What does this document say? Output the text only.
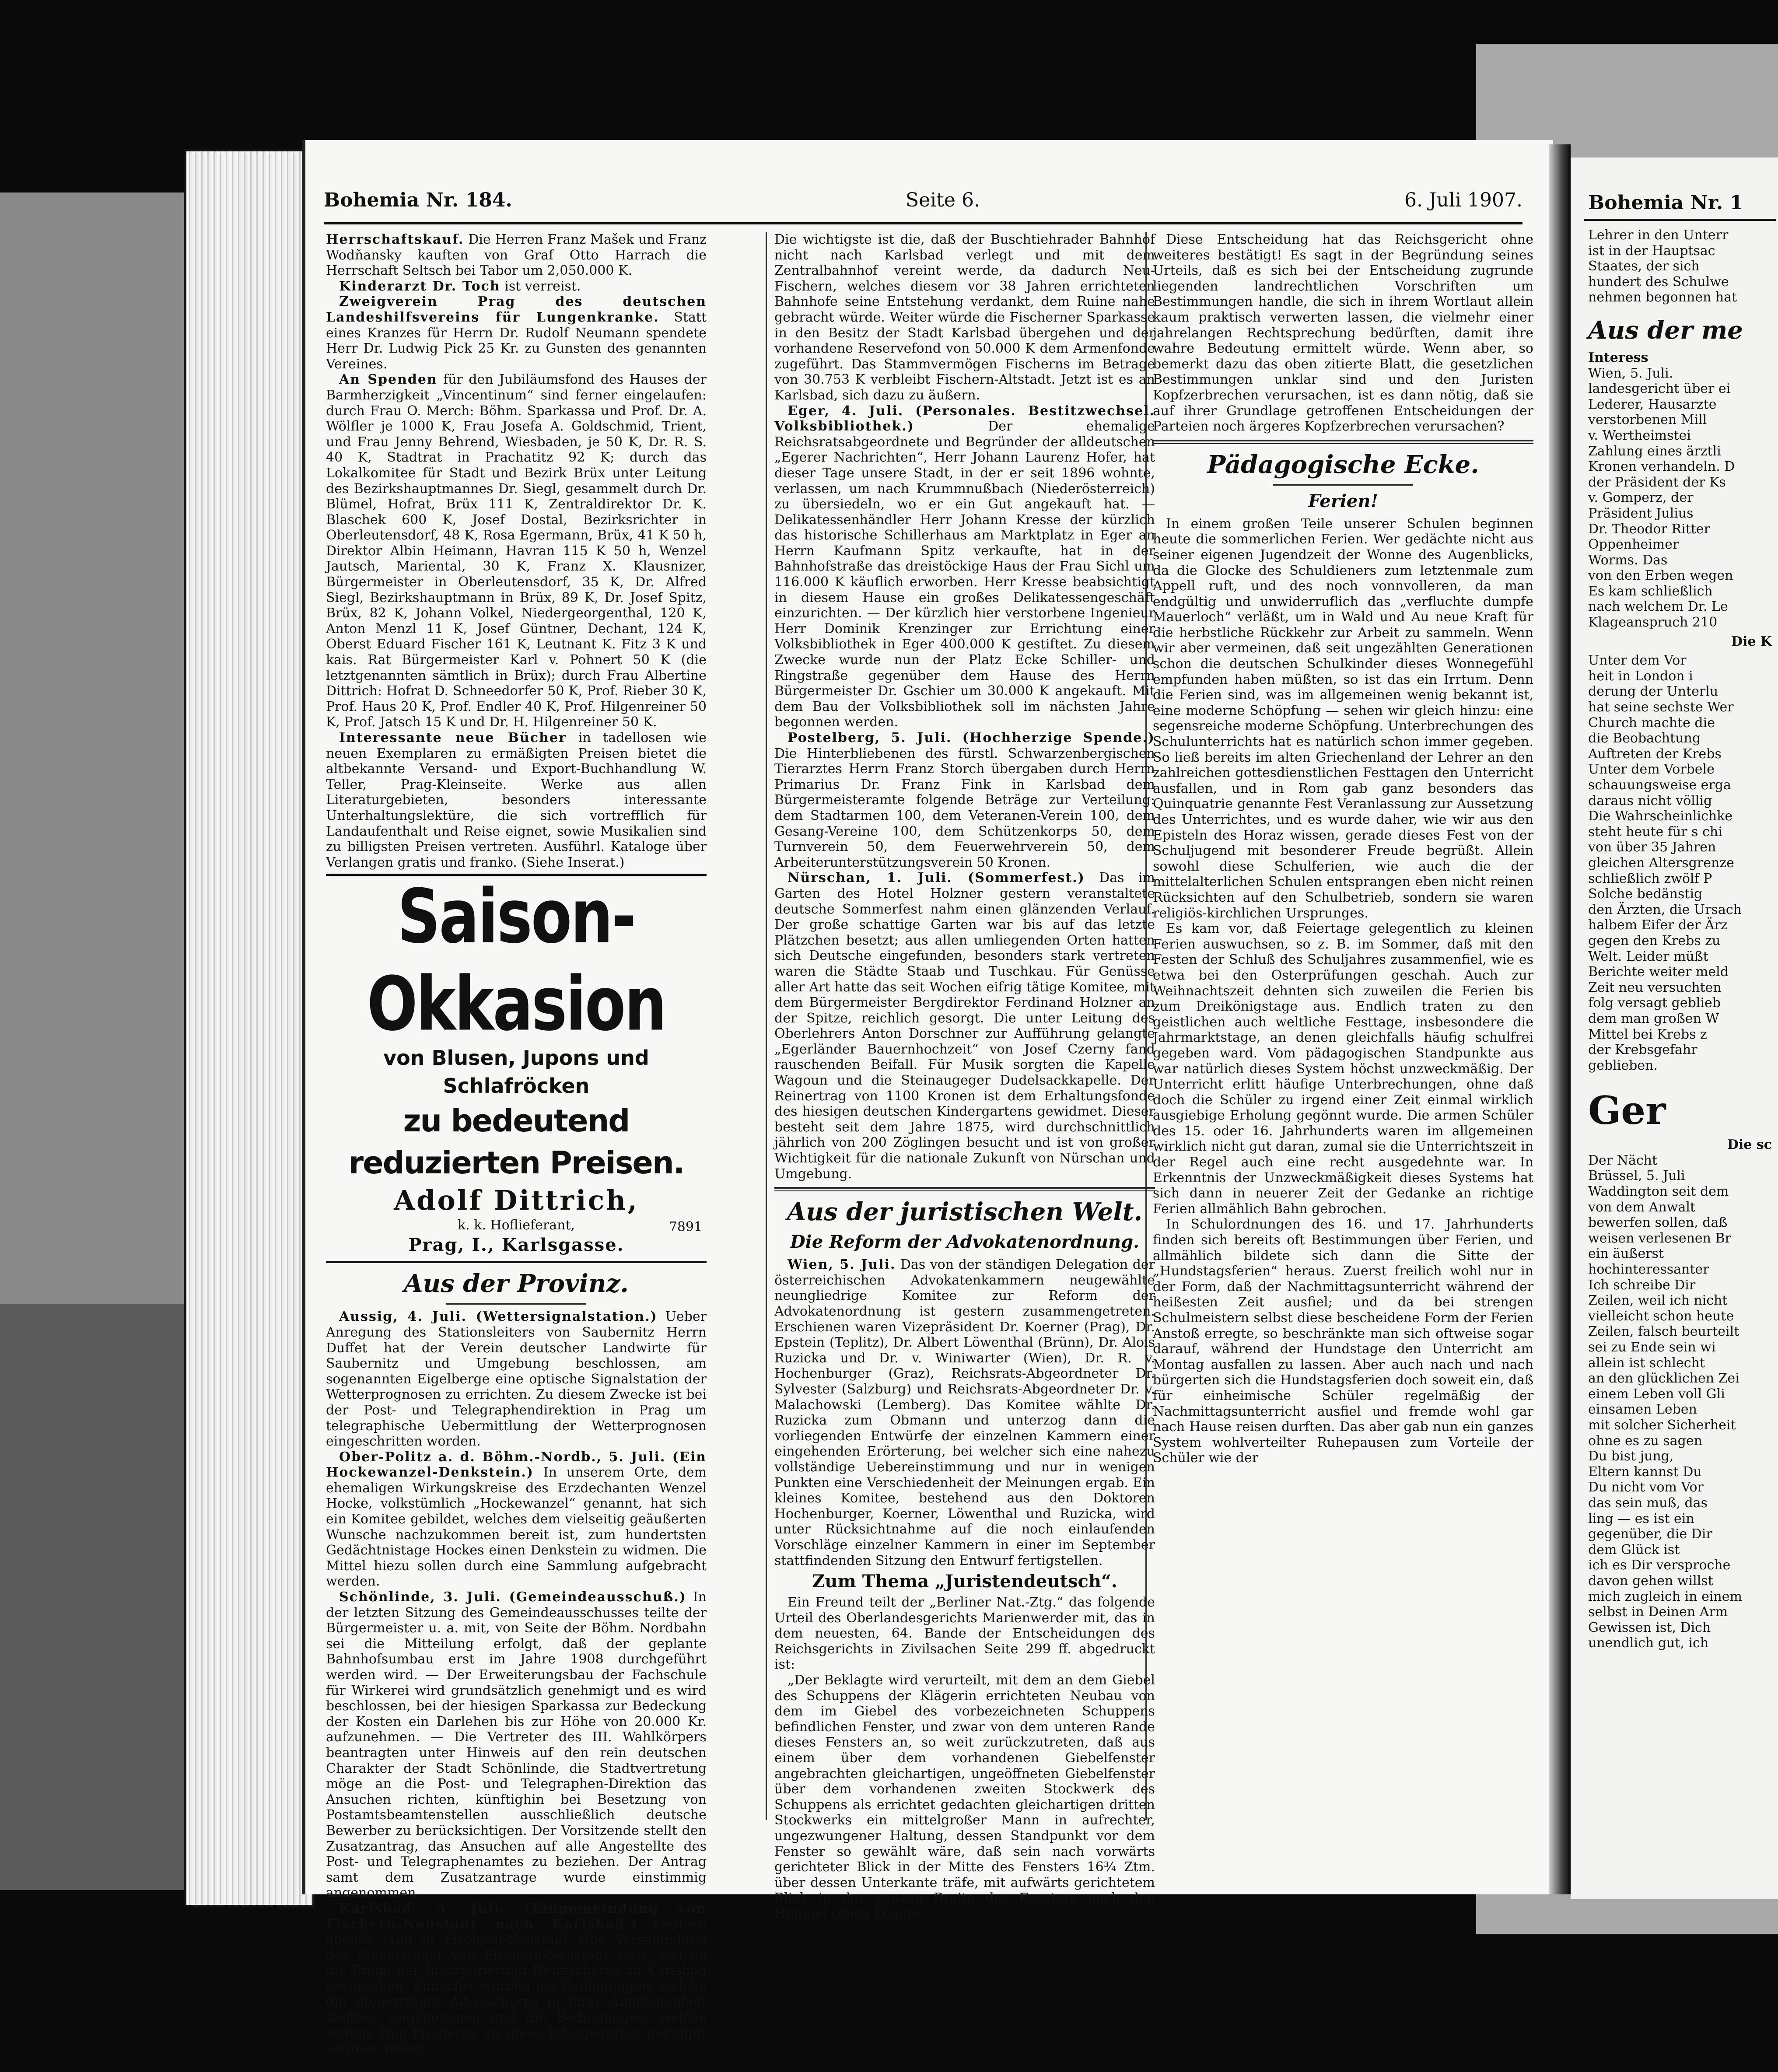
Bohemia Nr. 184.	Seite 6.	6. Juli 1907.

Herrschaftskauf. Die Herren Franz Mašek und Franz Wodňansky kauften von Graf Otto Harrach die Herrschaft Seltsch bei Tabor um 2,050.000 K.

Kinderarzt Dr. Toch ist verreist.

Zweigverein Prag des deutschen Landeshilfsvereins für Lungenkranke. Statt eines Kranzes für Herrn Dr. Rudolf Neumann spendete Herr Dr. Ludwig Pick 25 Kr. zu Gunsten des genannten Vereines.

An Spenden für den Jubiläumsfond des Hauses der Barmherzigkeit „Vincentinum“ sind ferner eingelaufen: durch Frau O. Merch: Böhm. Sparkassa und Prof. Dr. A. Wölfler je 1000 K, Frau Josefa A. Goldschmid, Trient, und Frau Jenny Behrend, Wiesbaden, je 50 K, Dr. R. S. 40 K, Stadtrat in Prachatitz 92 K; durch das Lokalkomitee für Stadt und Bezirk Brüx unter Leitung des Bezirkshauptmannes Dr. Siegl, gesammelt durch Dr. Blümel, Hofrat, Brüx 111 K, Zentraldirektor Dr. K. Blaschek 600 K, Josef Dostal, Bezirksrichter in Oberleutensdorf, 48 K, Rosa Egermann, Brüx, 41 K 50 h, Direktor Albin Heimann, Havran 115 K 50 h, Wenzel Jautsch, Mariental, 30 K, Franz X. Klausnizer, Bürgermeister in Oberleutensdorf, 35 K, Dr. Alfred Siegl, Bezirkshauptmann in Brüx, 89 K, Dr. Josef Spitz, Brüx, 82 K, Johann Volkel, Niedergeorgenthal, 120 K, Anton Menzl 11 K, Josef Güntner, Dechant, 124 K, Oberst Eduard Fischer 161 K, Leutnant K. Fitz 3 K und kais. Rat Bürgermeister Karl v. Pohnert 50 K (die letztgenannten sämtlich in Brüx); durch Frau Albertine Dittrich: Hofrat D. Schneedorfer 50 K, Prof. Rieber 30 K, Prof. Haus 20 K, Prof. Endler 40 K, Prof. Hilgenreiner 50 K, Prof. Jatsch 15 K und Dr. H. Hilgenreiner 50 K.

Interessante neue Bücher in tadellosen wie neuen Exemplaren zu ermäßigten Preisen bietet die altbekannte Versand- und Export-Buchhandlung W. Teller, Prag-Kleinseite. Werke aus allen Literaturgebieten, besonders interessante Unterhaltungslektüre, die sich vortrefflich für Landaufenthalt und Reise eignet, sowie Musikalien sind zu billigsten Preisen vertreten. Ausführl. Kataloge über Verlangen gratis und franko. (Siehe Inserat.)

Saison-Okkasion
von Blusen, Jupons und Schlafröcken
zu bedeutend reduzierten Preisen.
Adolf Dittrich,
k. k. Hoflieferant,	7891
Prag, I., Karlsgasse.
Aus der Provinz.

Aussig, 4. Juli. (Wettersignalstation.) Ueber Anregung des Stationsleiters von Saubernitz Herrn Duffet hat der Verein deutscher Landwirte für Saubernitz und Umgebung beschlossen, am sogenannten Eigelberge eine optische Signalstation der Wetterprognosen zu errichten. Zu diesem Zwecke ist bei der Post- und Telegraphendirektion in Prag um telegraphische Uebermittlung der Wetterprognosen eingeschritten worden.

Ober-Politz a. d. Böhm.-Nordb., 5. Juli. (Ein Hockewanzel-Denkstein.) In unserem Orte, dem ehemaligen Wirkungskreise des Erzdechanten Wenzel Hocke, volkstümlich „Hockewanzel“ genannt, hat sich ein Komitee gebildet, welches dem vielseitig geäußerten Wunsche nachzukommen bereit ist, zum hundertsten Gedächtnistage Hockes einen Denkstein zu widmen. Die Mittel hiezu sollen durch eine Sammlung aufgebracht werden.

Schönlinde, 3. Juli. (Gemeindeausschuß.) In der letzten Sitzung des Gemeindeausschusses teilte der Bürgermeister u. a. mit, von Seite der Böhm. Nordbahn sei die Mitteilung erfolgt, daß der geplante Bahnhofsumbau erst im Jahre 1908 durchgeführt werden wird. — Der Erweiterungsbau der Fachschule für Wirkerei wird grundsätzlich genehmigt und es wird beschlossen, bei der hiesigen Sparkassa zur Bedeckung der Kosten ein Darlehen bis zur Höhe von 20.000 Kr. aufzunehmen. — Die Vertreter des III. Wahlkörpers beantragten unter Hinweis auf den rein deutschen Charakter der Stadt Schönlinde, die Stadtvertretung möge an die Post- und Telegraphen-Direktion das Ansuchen richten, künftighin bei Besetzung von Postamtsbeamtenstellen ausschließlich deutsche Bewerber zu berücksichtigen. Der Vorsitzende stellt den Zusatzantrag, das Ansuchen auf alle Angestellte des Post- und Telegraphenamtes zu beziehen. Der Antrag samt dem Zusatzantrage wurde einstimmig angenommen.

Karlsbad, 5. Juli. (Eingemeindung von Fischern-Neustadt nach Karlsbad.) Gestern abends fand in Fischern-Neustadt eine Versammlung der Steuerträger von Fischern-Neustadt statt, welche die Frage der Inkorporierung Neufischerns zu Karlsbad besprachen. Zunächst wurden die Bedingungen, welche die Steuerträger Alt-Fischerns in ihrer Angelegenheit stellten, angenommen und die Bedingungen, welche seitens Neu-Fischerns an diese Inkorporation geknüpft werden, fixiert.

Die wichtigste ist die, daß der Buschtiehrader Bahnhof nicht nach Karlsbad verlegt und mit dem Zentralbahnhof vereint werde, da dadurch Neu-Fischern, welches diesem vor 38 Jahren errichteten Bahnhofe seine Entstehung verdankt, dem Ruine nahe gebracht würde. Weiter würde die Fischerner Sparkasse in den Besitz der Stadt Karlsbad übergehen und der vorhandene Reservefond von 50.000 K dem Armenfonde zugeführt. Das Stammvermögen Fischerns im Betrage von 30.753 K verbleibt Fischern-Altstadt. Jetzt ist es an Karlsbad, sich dazu zu äußern.

Eger, 4. Juli. (Personales. Bestitzwechsel. Volksbibliothek.)	Der ehemalige Reichsratsabgeordnete und Begründer der alldeutschen „Egerer Nachrichten“, Herr Johann Laurenz Hofer, hat dieser Tage unsere Stadt, in der er seit 1896 wohnte, verlassen, um nach Krummnußbach (Niederösterreich) zu übersiedeln, wo er ein Gut angekauft hat. — Delikatessenhändler Herr Johann Kresse der kürzlich das historische Schillerhaus am Marktplatz in Eger an Herrn Kaufmann Spitz verkaufte, hat in der Bahnhofstraße das dreistöckige Haus der Frau Sichl um 116.000 K käuflich erworben. Herr Kresse beabsichtigt in diesem Hause ein großes Delikatessengeschäft einzurichten. — Der kürzlich hier verstorbene Ingenieur Herr Dominik Krenzinger zur Errichtung einer Volksbibliothek in Eger 400.000 K gestiftet. Zu diesem Zwecke wurde nun der Platz Ecke Schiller- und Ringstraße gegenüber dem Hause des Herrn Bürgermeister Dr. Gschier um 30.000 K angekauft. Mit dem Bau der Volksbibliothek soll im nächsten Jahre begonnen werden.

Postelberg, 5. Juli. (Hochherzige Spende.) Die Hinterbliebenen des fürstl. Schwarzenbergischen Tierarztes Herrn Franz Storch übergaben durch Herrn Primarius Dr. Franz Fink in Karlsbad dem Bürgermeisteramte folgende Beträge zur Verteilung: dem Stadtarmen 100, dem Veteranen-Verein 100, dem Gesang-Vereine 100, dem Schützenkorps 50, dem Turnverein 50, dem Feuerwehrverein 50, dem Arbeiterunterstützungsverein 50 Kronen.

Nürschan, 1. Juli. (Sommerfest.) Das im Garten des Hotel Holzner gestern veranstaltete deutsche Sommerfest nahm einen glänzenden Verlauf. Der große schattige Garten war bis auf das letzte Plätzchen besetzt; aus allen umliegenden Orten hatten sich Deutsche eingefunden, besonders stark vertreten waren die Städte Staab und Tuschkau. Für Genüsse aller Art hatte das seit Wochen eifrig tätige Komitee, mit dem Bürgermeister Bergdirektor Ferdinand Holzner an der Spitze, reichlich gesorgt. Die unter Leitung des Oberlehrers Anton Dorschner zur Aufführung gelangte „Egerländer Bauernhochzeit“ von Josef Czerny fand rauschenden Beifall. Für Musik sorgten die Kapelle Wagoun und die Steinaugeger Dudelsackkapelle. Der Reinertrag von 1100 Kronen ist dem Erhaltungsfonde des hiesigen deutschen Kindergartens gewidmet. Dieser besteht seit dem Jahre 1875, wird durchschnittlich jährlich von 200 Zöglingen besucht und ist von großer Wichtigkeit für die nationale Zukunft von Nürschan und Umgebung.

Aus der juristischen Welt.
Die Reform der Advokatenordnung.

Wien, 5. Juli. Das von der ständigen Delegation der österreichischen Advokatenkammern neugewählte neungliedrige Komitee zur Reform der Advokatenordnung ist gestern zusammengetreten. Erschienen waren Vizepräsident Dr. Koerner (Prag), Dr. Epstein (Teplitz), Dr. Albert Löwenthal (Brünn), Dr. Alois Ruzicka und Dr. v. Winiwarter (Wien), Dr. R. v. Hochenburger (Graz), Reichsrats-Abgeordneter Dr. Sylvester (Salzburg) und Reichsrats-Abgeordneter Dr. v. Malachowski (Lemberg). Das Komitee wählte Dr. Ruzicka zum Obmann und unterzog dann die vorliegenden Entwürfe der einzelnen Kammern einer eingehenden Erörterung, bei welcher sich eine nahezu vollständige Uebereinstimmung und nur in wenigen Punkten eine Verschiedenheit der Meinungen ergab. Ein kleines Komitee, bestehend aus den Doktoren Hochenburger, Koerner, Löwenthal und Ruzicka, wird unter Rücksichtnahme auf die noch einlaufenden Vorschläge einzelner Kammern in einer im September stattfindenden Sitzung den Entwurf fertigstellen.

Zum Thema „Juristendeutsch“.

Ein Freund teilt der „Berliner Nat.-Ztg.“ das folgende Urteil des Oberlandesgerichts Marienwerder mit, das in dem neuesten, 64. Bande der Entscheidungen des Reichsgerichts in Zivilsachen Seite 299 ff. abgedruckt ist:

„Der Beklagte wird verurteilt, mit dem an dem Giebel des Schuppens der Klägerin errichteten Neubau von dem im Giebel des vorbezeichneten Schuppens befindlichen Fenster, und zwar von dem unteren Rande dieses Fensters an, so weit zurückzutreten, daß aus einem über dem vorhandenen Giebelfenster angebrachten gleichartigen, ungeöffneten Giebelfenster über dem vorhandenen zweiten Stockwerk des Schuppens als errichtet gedachten gleichartigen dritten Stockwerks ein mittelgroßer Mann in aufrechter, ungezwungener Haltung, dessen Standpunkt vor dem Fenster so gewählt wäre, daß sein nach vorwärts gerichteter Blick in der Mitte des Fensters 16¾ Ztm. über dessen Unterkante träfe, mit aufwärts gerichtetem Blick in der ganzen Breite des Fensters noch den Himmel sehen könnte.“

Diese Entscheidung hat das Reichsgericht ohne weiteres bestätigt! Es sagt in der Begründung seines Urteils, daß es sich bei der Entscheidung zugrunde liegenden landrechtlichen Vorschriften um Bestimmungen handle, die sich in ihrem Wortlaut allein kaum praktisch verwerten lassen, die vielmehr einer jahrelangen Rechtsprechung bedürften, damit ihre wahre Bedeutung ermittelt würde. Wenn aber, so bemerkt dazu das oben zitierte Blatt, die gesetzlichen Bestimmungen unklar sind und den Juristen Kopfzerbrechen verursachen, ist es dann nötig, daß sie auf ihrer Grundlage getroffenen Entscheidungen der Parteien noch ärgeres Kopfzerbrechen verursachen?

Pädagogische Ecke.
Ferien!

In einem großen Teile unserer Schulen beginnen heute die sommerlichen Ferien. Wer gedächte nicht aus seiner eigenen Jugendzeit der Wonne des Augenblicks, da die Glocke des Schuldieners zum letztenmale zum Appell ruft, und des noch vonnvolleren, da man endgültig und unwiderruflich das „verfluchte dumpfe Mauerloch“ verläßt, um in Wald und Au neue Kraft für die herbstliche Rückkehr zur Arbeit zu sammeln. Wenn wir aber vermeinen, daß seit ungezählten Generationen schon die deutschen Schulkinder dieses Wonnegefühl empfunden haben müßten, so ist das ein Irrtum. Denn die Ferien sind, was im allgemeinen wenig bekannt ist, eine moderne Schöpfung — sehen wir gleich hinzu: eine segensreiche moderne Schöpfung. Unterbrechungen des Schulunterrichts hat es natürlich schon immer gegeben. So ließ bereits im alten Griechenland der Lehrer an den zahlreichen gottesdienstlichen Festtagen den Unterricht ausfallen, und in Rom gab ganz besonders das Quinquatrie genannte Fest Veranlassung zur Aussetzung des Unterrichtes, und es wurde daher, wie wir aus den Episteln des Horaz wissen, gerade dieses Fest von der Schuljugend mit besonderer Freude begrüßt. Allein sowohl diese Schulferien, wie auch die der mittelalterlichen Schulen entsprangen eben nicht reinen Rücksichten auf den Schulbetrieb, sondern sie waren religiös-kirchlichen Ursprunges.

Es kam vor, daß Feiertage gelegentlich zu kleinen Ferien auswuchsen, so z. B. im Sommer, daß mit den Festen der Schluß des Schuljahres zusammenfiel, wie es etwa bei den Osterprüfungen geschah. Auch zur Weihnachtszeit dehnten sich zuweilen die Ferien bis zum Dreikönigstage aus. Endlich traten zu den geistlichen auch weltliche Festtage, insbesondere die Jahrmarktstage, an denen gleichfalls häufig schulfrei gegeben ward. Vom pädagogischen Standpunkte aus war natürlich dieses System höchst unzweckmäßig. Der Unterricht erlitt häufige Unterbrechungen, ohne daß doch die Schüler zu irgend einer Zeit einmal wirklich ausgiebige Erholung gegönnt wurde. Die armen Schüler des 15. oder 16. Jahrhunderts waren im allgemeinen wirklich nicht gut daran, zumal sie die Unterrichtszeit in der Regel auch eine recht ausgedehnte war. In Erkenntnis der Unzweckmäßigkeit dieses Systems hat sich dann in neuerer Zeit der Gedanke an richtige Ferien allmählich Bahn gebrochen.

In Schulordnungen des 16. und 17. Jahrhunderts finden sich bereits oft Bestimmungen über Ferien, und allmählich bildete sich dann die Sitte der „Hundstagsferien“ heraus. Zuerst freilich wohl nur in der Form, daß der Nachmittagsunterricht während der heißesten Zeit ausfiel; und da bei strengen Schulmeistern selbst diese bescheidene Form der Ferien Anstoß erregte, so beschränkte man sich oftweise sogar darauf, während der Hundstage den Unterricht am Montag ausfallen zu lassen. Aber auch nach und nach bürgerten sich die Hundstagsferien doch soweit ein, daß für einheimische Schüler regelmäßig der Nachmittagsunterricht ausfiel und fremde wohl gar nach Hause reisen durften. Das aber gab nun ein ganzes System wohlverteilter Ruhepausen zum Vorteile der Schüler wie der

Bohemia Nr. 1
Lehrer in den Unterr
ist in der Hauptsac
Staates, der sich
hundert des Schulwe
nehmen begonnen hat
Aus der me
Interess
Wien, 5. Juli.
landesgericht über ei
Lederer, Hausarzte
verstorbenen Mill
v. Wertheimstei
Zahlung eines ärztli
Kronen verhandeln. D
der Präsident der Ks
v. Gomperz, der
Präsident Julius
Dr. Theodor Ritter
Oppenheimer
Worms. Das
von den Erben wegen
Es kam schließlich
nach welchem Dr. Le
Klageanspruch 210
Die K
Unter dem Vor
heit in London i
derung der Unterlu
hat seine sechste Wer
Church machte die
die Beobachtung
Auftreten der Krebs
Unter dem Vorbele
schauungsweise erga
daraus nicht völlig
Die Wahrscheinlichke
steht heute für s chi
von über 35 Jahren
gleichen Altersgrenze
schließlich zwölf P
Solche bedänstig
den Ärzten, die Ursach
halbem Eifer der Ärz
gegen den Krebs zu
Welt. Leider müßt
Berichte weiter meld
Zeit neu versuchten
folg versagt geblieb
dem man großen W
Mittel bei Krebs z
der Krebsgefahr
geblieben.
Ger
Die sc
Der Nächt
Brüssel, 5. Juli
Waddington seit dem
von dem Anwalt
bewerfen sollen, daß
weisen verlesenen Br
ein äußerst
hochinteressanter
Ich schreibe Dir
Zeilen, weil ich nicht
vielleicht schon heute
Zeilen, falsch beurteilt
sei zu Ende sein wi
allein ist schlecht
an den glücklichen Zei
einem Leben voll Gli
einsamen Leben
mit solcher Sicherheit
ohne es zu sagen
Du bist jung,
Eltern kannst Du
Du nicht vom Vor
das sein muß, das
ling — es ist ein
gegenüber, die Dir
dem Glück ist
ich es Dir versproche
davon gehen willst
mich zugleich in einem
selbst in Deinen Arm
Gewissen ist, Dich
unendlich gut, ich
